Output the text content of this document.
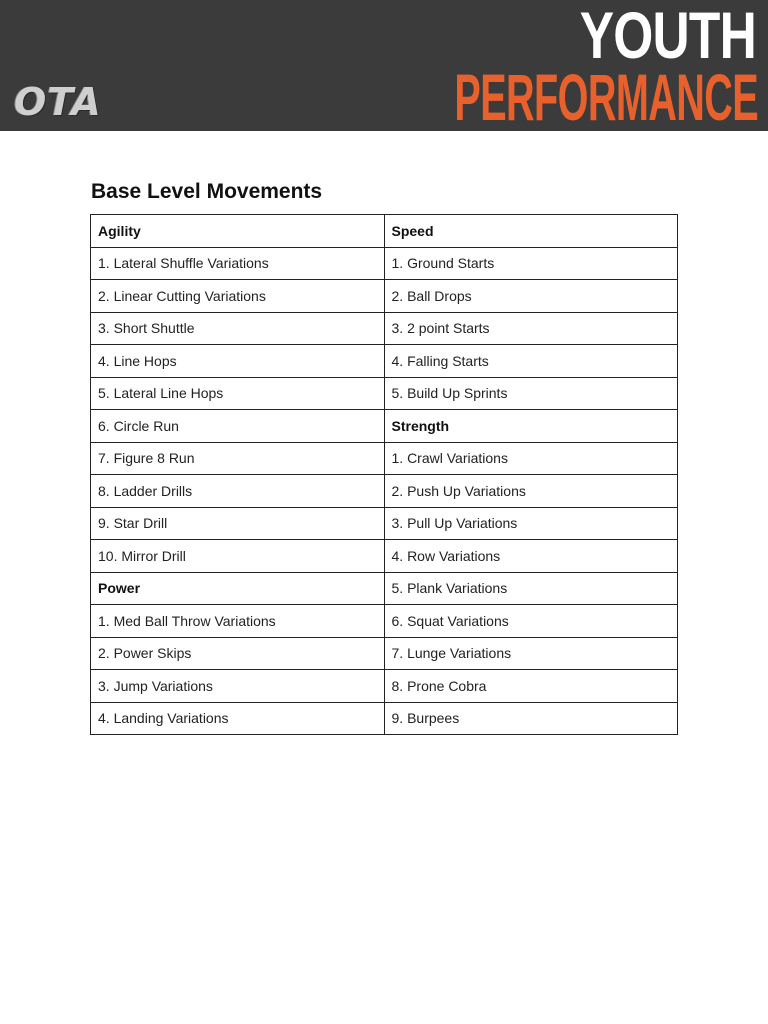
OTA
YOUTH
PERFORMANCE
Base Level Movements
Agility	Speed
1. Lateral Shuffle Variations	1. Ground Starts
2. Linear Cutting Variations	2. Ball Drops
3. Short Shuttle	3. 2 point Starts
4. Line Hops	4. Falling Starts
5. Lateral Line Hops	5. Build Up Sprints
6. Circle Run	Strength
7. Figure 8 Run	1. Crawl Variations
8. Ladder Drills	2. Push Up Variations
9. Star Drill	3. Pull Up Variations
10. Mirror Drill	4. Row Variations
Power	5. Plank Variations
1. Med Ball Throw Variations	6. Squat Variations
2. Power Skips	7. Lunge Variations
3. Jump Variations	8. Prone Cobra
4. Landing Variations	9. Burpees
